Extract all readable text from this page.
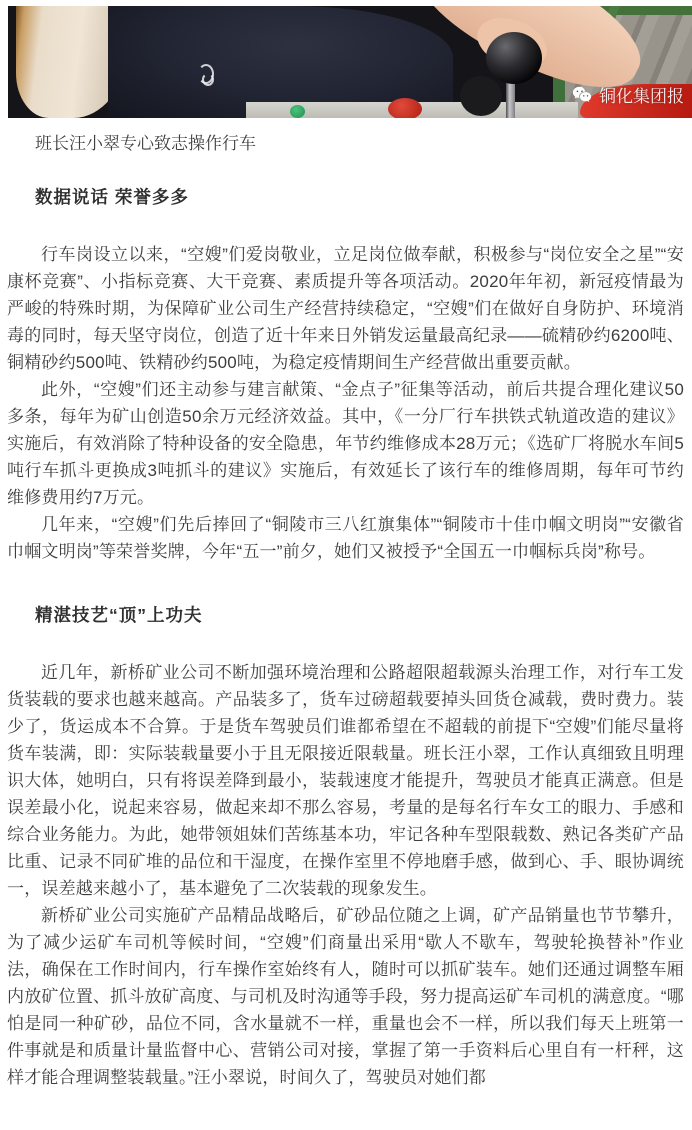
铜化集团报
班长汪小翠专心致志操作行车
数据说话 荣誉多多

行车岗设立以来，“空嫂”们爱岗敬业，立足岗位做奉献，积极参与“岗位安全之星”“安康杯竞赛”、小指标竞赛、大干竞赛、素质提升等各项活动。2020年年初，新冠疫情最为严峻的特殊时期，为保障矿业公司生产经营持续稳定，“空嫂”们在做好自身防护、环境消毒的同时，每天坚守岗位，创造了近十年来日外销发运量最高纪录——硫精砂约6200吨、铜精砂约500吨、铁精砂约500吨，为稳定疫情期间生产经营做出重要贡献。

此外，“空嫂”们还主动参与建言献策、“金点子”征集等活动，前后共提合理化建议50多条，每年为矿山创造50余万元经济效益。其中，《一分厂行车拱铁式轨道改造的建议》实施后，有效消除了特种设备的安全隐患，年节约维修成本28万元；《选矿厂将脱水车间5吨行车抓斗更换成3吨抓斗的建议》实施后，有效延长了该行车的维修周期，每年可节约维修费用约7万元。

几年来，“空嫂”们先后捧回了“铜陵市三八红旗集体”“铜陵市十佳巾帼文明岗”“安徽省巾帼文明岗”等荣誉奖牌，今年“五一”前夕，她们又被授予“全国五一巾帼标兵岗”称号。

精湛技艺“顶”上功夫

近几年，新桥矿业公司不断加强环境治理和公路超限超载源头治理工作，对行车工发货装载的要求也越来越高。产品装多了，货车过磅超载要掉头回货仓减载，费时费力。装少了，货运成本不合算。于是货车驾驶员们谁都希望在不超载的前提下“空嫂”们能尽量将货车装满，即：实际装载量要小于且无限接近限载量。班长汪小翠，工作认真细致且明理识大体，她明白，只有将误差降到最小，装载速度才能提升，驾驶员才能真正满意。但是误差最小化，说起来容易，做起来却不那么容易，考量的是每名行车女工的眼力、手感和综合业务能力。为此，她带领姐妹们苦练基本功，牢记各种车型限载数、熟记各类矿产品比重、记录不同矿堆的品位和干湿度，在操作室里不停地磨手感，做到心、手、眼协调统一，误差越来越小了，基本避免了二次装载的现象发生。

新桥矿业公司实施矿产品精品战略后，矿砂品位随之上调，矿产品销量也节节攀升，为了减少运矿车司机等候时间，“空嫂”们商量出采用“歇人不歇车，驾驶轮换替补”作业法，确保在工作时间内，行车操作室始终有人，随时可以抓矿装车。她们还通过调整车厢内放矿位置、抓斗放矿高度、与司机及时沟通等手段，努力提高运矿车司机的满意度。“哪怕是同一种矿砂，品位不同，含水量就不一样，重量也会不一样，所以我们每天上班第一件事就是和质量计量监督中心、营销公司对接，掌握了第一手资料后心里自有一杆秤，这样才能合理调整装载量。”汪小翠说，时间久了，驾驶员对她们都
